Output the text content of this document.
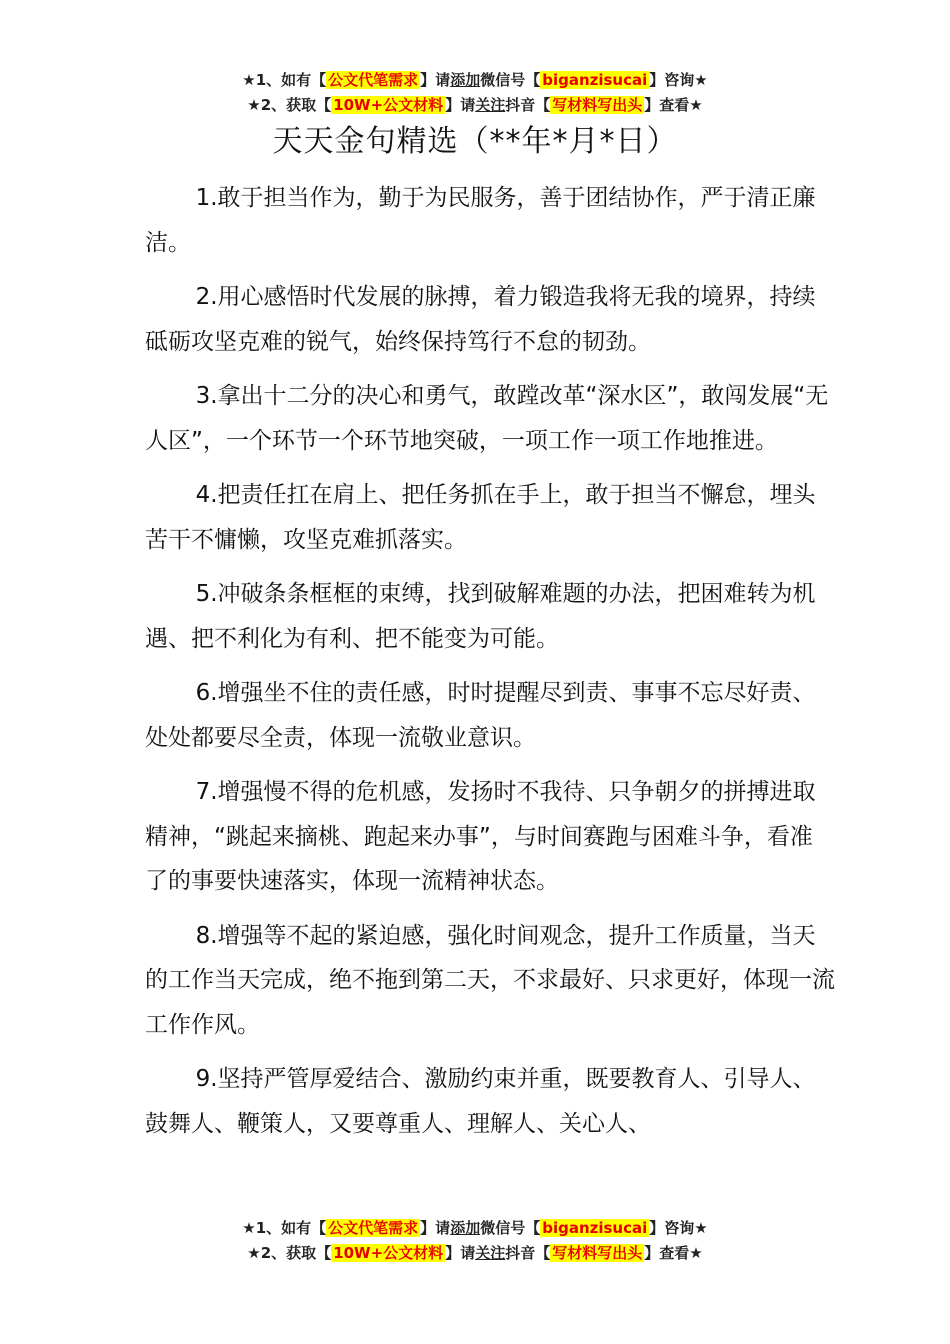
★1、如有【 公文代笔需求 】请添加微信号【 biganzisucai 】咨询★
★2、获取【 10W+公文材料 】请关注抖音【 写材料写出头 】查看★
天天金句精选（**年*月*日）

1.敢于担当作为，勤于为民服务，善于团结协作，严于清正廉洁。

2.用心感悟时代发展的脉搏，着力锻造我将无我的境界，持续砥砺攻坚克难的锐气，始终保持笃行不怠的韧劲。

3.拿出十二分的决心和勇气，敢蹚改革“深水区”，敢闯发展“无人区”，一个环节一个环节地突破，一项工作一项工作地推进。

4.把责任扛在肩上、把任务抓在手上，敢于担当不懈怠，埋头苦干不慵懒，攻坚克难抓落实。

5.冲破条条框框的束缚，找到破解难题的办法，把困难转为机遇、把不利化为有利、把不能变为可能。

6.增强坐不住的责任感，时时提醒尽到责、事事不忘尽好责、处处都要尽全责，体现一流敬业意识。

7.增强慢不得的危机感，发扬时不我待、只争朝夕的拼搏进取精神，“跳起来摘桃、跑起来办事”，与时间赛跑与困难斗争，看准了的事要快速落实，体现一流精神状态。

8.增强等不起的紧迫感，强化时间观念，提升工作质量，当天的工作当天完成，绝不拖到第二天，不求最好、只求更好，体现一流工作作风。

9.坚持严管厚爱结合、激励约束并重，既要教育人、引导人、鼓舞人、鞭策人，又要尊重人、理解人、关心人、

★1、如有【 公文代笔需求 】请添加微信号【 biganzisucai 】咨询★
★2、获取【 10W+公文材料 】请关注抖音【 写材料写出头 】查看★
